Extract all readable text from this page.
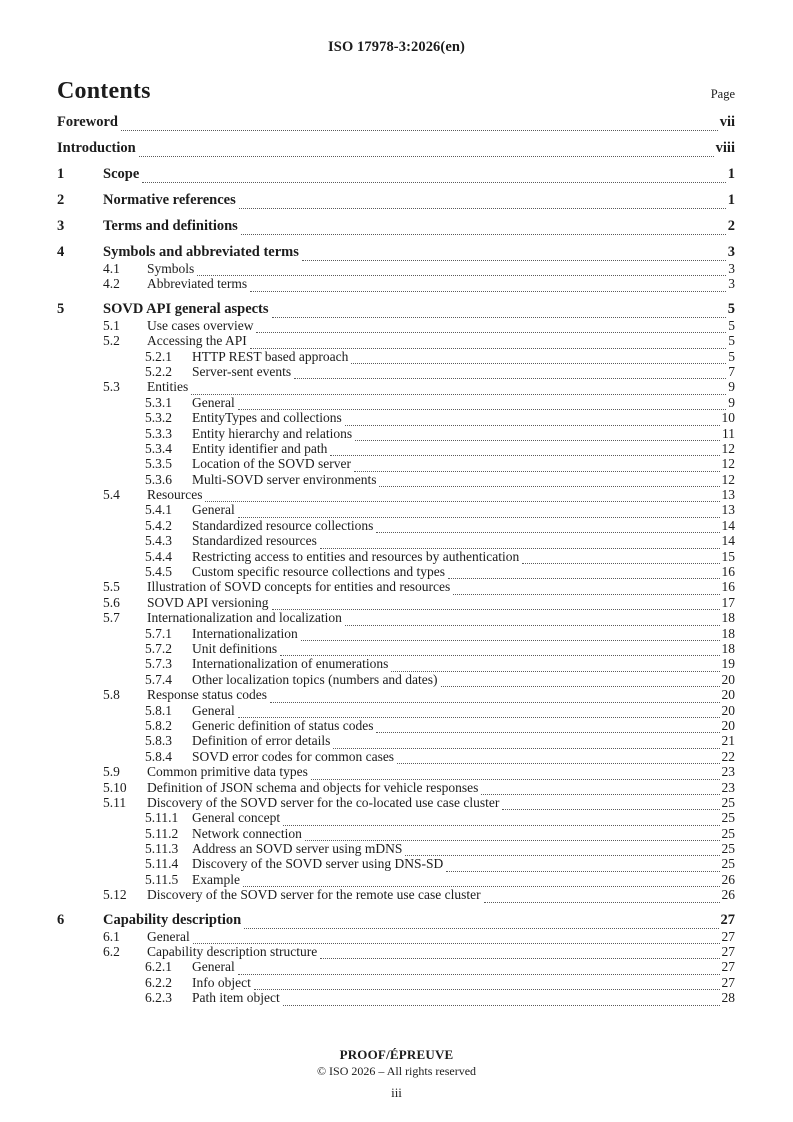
ISO 17978-3:2026(en)
Contents	Page
Foreword	vii
Introduction	viii
1	Scope	1
2	Normative references	1
3	Terms and definitions	2
4	Symbols and abbreviated terms	3
4.1	Symbols	3
4.2	Abbreviated terms	3
5	SOVD API general aspects	5
5.1	Use cases overview	5
5.2	Accessing the API	5
5.2.1	HTTP REST based approach	5
5.2.2	Server-sent events	7
5.3	Entities	9
5.3.1	General	9
5.3.2	EntityTypes and collections	10
5.3.3	Entity hierarchy and relations	11
5.3.4	Entity identifier and path	12
5.3.5	Location of the SOVD server	12
5.3.6	Multi-SOVD server environments	12
5.4	Resources	13
5.4.1	General	13
5.4.2	Standardized resource collections	14
5.4.3	Standardized resources	14
5.4.4	Restricting access to entities and resources by authentication	15
5.4.5	Custom specific resource collections and types	16
5.5	Illustration of SOVD concepts for entities and resources	16
5.6	SOVD API versioning	17
5.7	Internationalization and localization	18
5.7.1	Internationalization	18
5.7.2	Unit definitions	18
5.7.3	Internationalization of enumerations	19
5.7.4	Other localization topics (numbers and dates)	20
5.8	Response status codes	20
5.8.1	General	20
5.8.2	Generic definition of status codes	20
5.8.3	Definition of error details	21
5.8.4	SOVD error codes for common cases	22
5.9	Common primitive data types	23
5.10	Definition of JSON schema and objects for vehicle responses	23
5.11	Discovery of the SOVD server for the co-located use case cluster	25
5.11.1	General concept	25
5.11.2	Network connection	25
5.11.3	Address an SOVD server using mDNS	25
5.11.4	Discovery of the SOVD server using DNS-SD	25
5.11.5	Example	26
5.12	Discovery of the SOVD server for the remote use case cluster	26
6	Capability description	27
6.1	General	27
6.2	Capability description structure	27
6.2.1	General	27
6.2.2	Info object	27
6.2.3	Path item object	28
PROOF/ÉPREUVE
© ISO 2026 – All rights reserved
iii
